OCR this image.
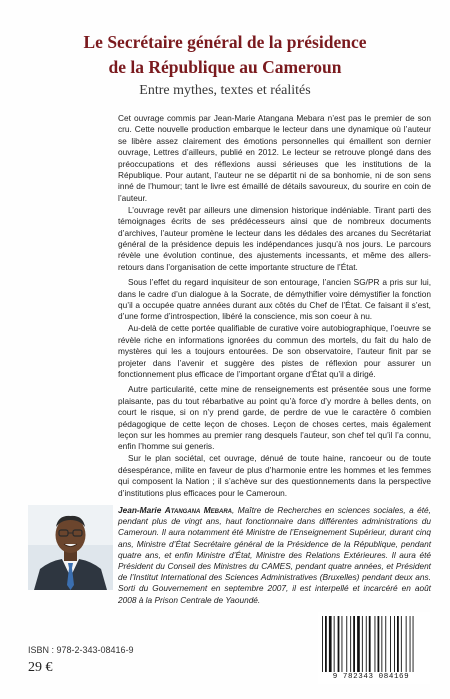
Le Secrétaire général de la présidence
de la République au Cameroun
Entre mythes, textes et réalités

Cet ouvrage commis par Jean-Marie Atangana Mebara n’est pas le premier de son cru. Cette nouvelle production embarque le lecteur dans une dynamique où l’auteur se libère assez clairement des émotions personnelles qui émaillent son dernier ouvrage, Lettres d’ailleurs, publié en 2012. Le lecteur se retrouve plongé dans des préoccupations et des réflexions aussi sérieuses que les institutions de la République. Pour autant, l’auteur ne se départit ni de sa bonhomie, ni de son sens inné de l’humour; tant le livre est émaillé de détails savoureux, du sourire en coin de l’auteur.

L’ouvrage revêt par ailleurs une dimension historique indéniable. Tirant parti des témoignages écrits de ses prédécesseurs ainsi que de nombreux documents d’archives, l’auteur promène le lecteur dans les dédales des arcanes du Secrétariat général de la présidence depuis les indépendances jusqu’à nos jours. Le parcours révèle une évolution continue, des ajustements incessants, et même des allers-retours dans l’organisation de cette importante structure de l’État.

Sous l’effet du regard inquisiteur de son entourage, l’ancien SG/PR a pris sur lui, dans le cadre d’un dialogue à la Socrate, de démythifier voire démystifier la fonction qu’il a occupée quatre années durant aux côtés du Chef de l’État. Ce faisant il s’est, d’une forme d’introspection, libéré la conscience, mis son coeur à nu.

Au-delà de cette portée qualifiable de curative voire autobiographique, l’oeuvre se révèle riche en informations ignorées du commun des mortels, du fait du halo de mystères qui les a toujours entourées. De son observatoire, l’auteur finit par se projeter dans l’avenir et suggère des pistes de réflexion pour assurer un fonctionnement plus efficace de l’important organe d’État qu’il a dirigé.

Autre particularité, cette mine de renseignements est présentée sous une forme plaisante, pas du tout rébarbative au point qu’à force d’y mordre à belles dents, on court le risque, si on n’y prend garde, de perdre de vue le caractère ô combien pédagogique de cette leçon de choses. Leçon de choses certes, mais également leçon sur les hommes au premier rang desquels l’auteur, son chef tel qu’il l’a connu, enfin l’homme sui generis.

Sur le plan sociétal, cet ouvrage, dénué de toute haine, rancoeur ou de toute désespérance, milite en faveur de plus d’harmonie entre les hommes et les femmes qui composent la Nation ; il s’achève sur des questionnements dans la perspective d’institutions plus efficaces pour le Cameroun.

Jean-Marie Atangana Mebara, Maître de Recherches en sciences sociales, a été, pendant plus de vingt ans, haut fonctionnaire dans différentes administrations du Cameroun. Il aura notamment été Ministre de l’Enseignement Supérieur, durant cinq ans, Ministre d’État Secrétaire général de la Présidence de la République, pendant quatre ans, et enfin Ministre d’État, Ministre des Relations Extérieures. Il aura été Président du Conseil des Ministres du CAMES, pendant quatre années, et Président de l’Institut International des Sciences Administratives (Bruxelles) pendant deux ans. Sorti du Gouvernement en septembre 2007, il est interpellé et incarcéré en août 2008 à la Prison Centrale de Yaoundé.
ISBN : 978-2-343-08416-9
29 €
9 782343 084169
